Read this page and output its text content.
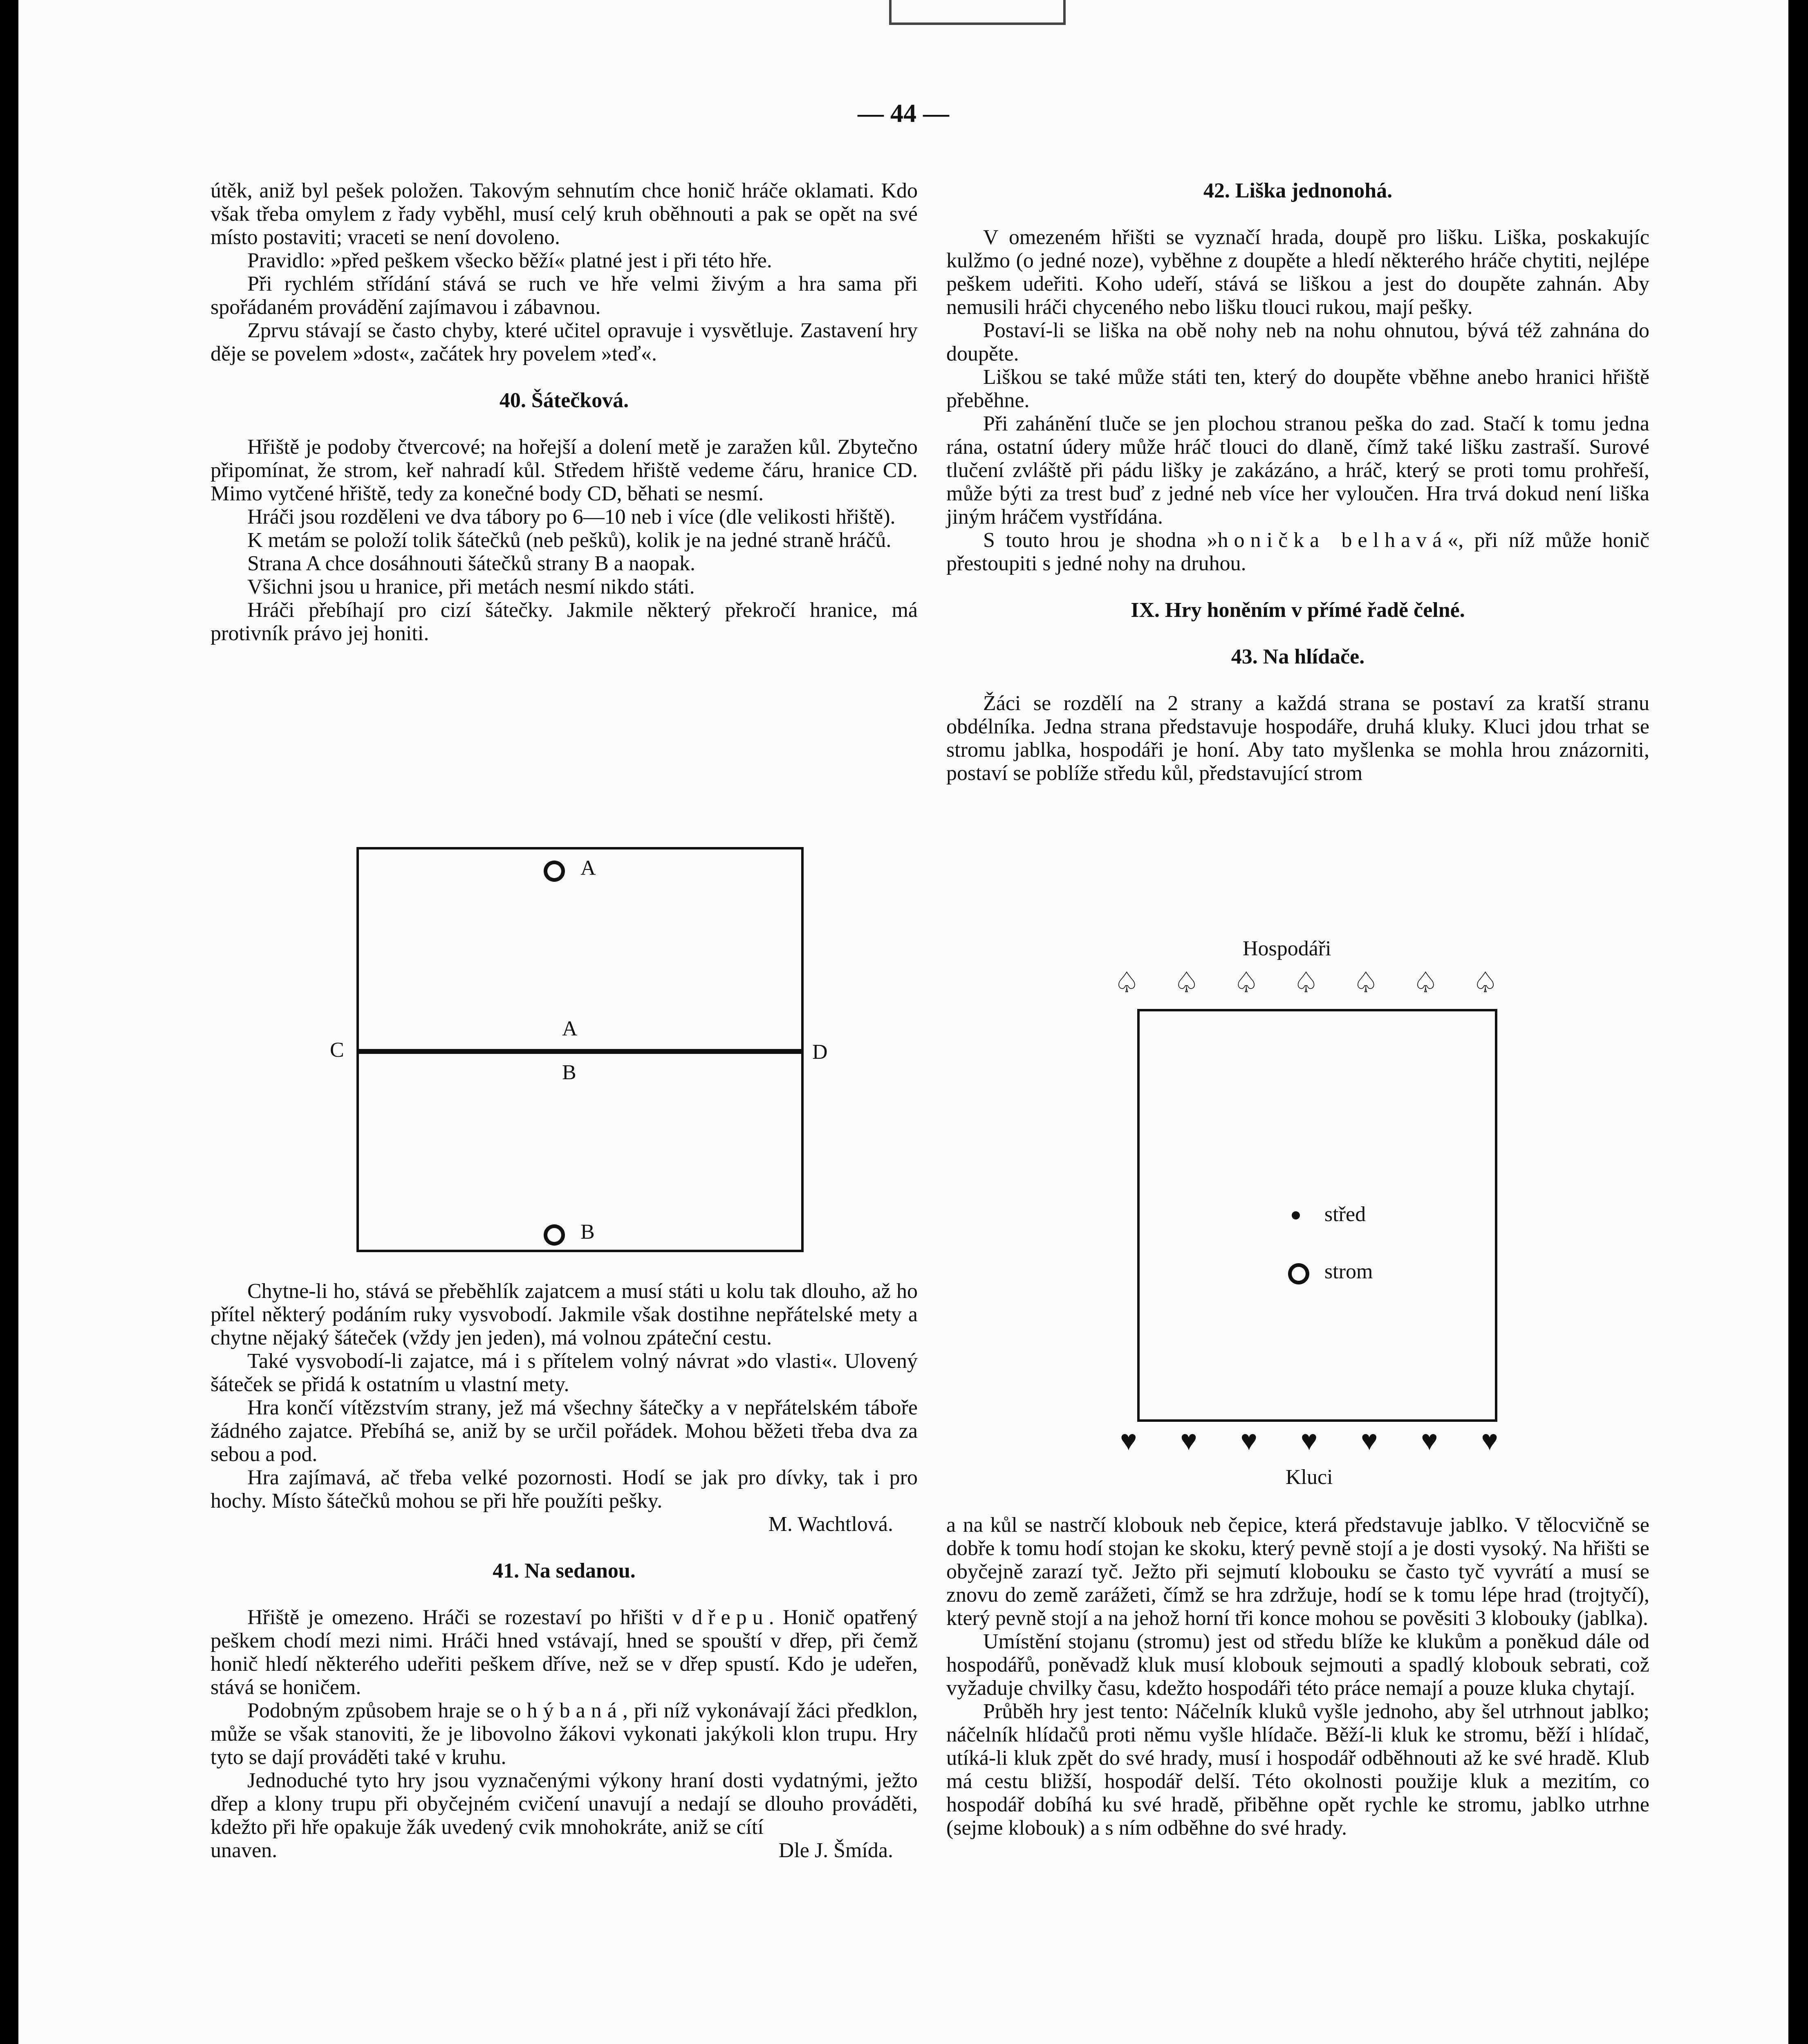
— 44 —

útěk, aniž byl pešek položen. Takovým sehnutím chce honič hráče oklamati. Kdo však třeba omylem z řady vyběhl, musí celý kruh oběhnouti a pak se opět na své místo postaviti; vraceti se není dovoleno.

Pravidlo: »před peškem všecko běží« platné jest i při této hře.

Při rychlém střídání stává se ruch ve hře velmi živým a hra sama při spořádaném provádění zajímavou i zábavnou.

Zprvu stávají se často chyby, které učitel opravuje i vysvětluje. Zastavení hry děje se povelem »dost«, začátek hry povelem »teď«.

40. Šátečková.

Hřiště je podoby čtvercové; na hořejší a dolení metě je zaražen kůl. Zbytečno připomínat, že strom, keř nahradí kůl. Středem hřiště vedeme čáru, hranice CD. Mimo vytčené hřiště, tedy za konečné body CD, běhati se nesmí.

Hráči jsou rozděleni ve dva tábory po 6—10 neb i více (dle velikosti hřiště).

K metám se položí tolik šátečků (neb pešků), kolik je na jedné straně hráčů.

Strana A chce dosáhnouti šátečků strany B a naopak.

Všichni jsou u hranice, při metách nesmí nikdo státi.

Hráči přebíhají pro cizí šátečky. Jakmile některý překročí hranice, má protivník právo jej honiti.

A
A
B
C	D
B

Chytne-li ho, stává se přeběhlík zajatcem a musí státi u kolu tak dlouho, až ho přítel některý podáním ruky vysvobodí. Jakmile však dostihne nepřátelské mety a chytne nějaký šáteček (vždy jen jeden), má volnou zpáteční cestu.

Také vysvobodí-li zajatce, má i s přítelem volný návrat »do vlasti«. Ulovený šáteček se přidá k ostatním u vlastní mety.

Hra končí vítězstvím strany, jež má všechny šátečky a v nepřátelském táboře žádného zajatce. Přebíhá se, aniž by se určil pořádek. Mohou běžeti třeba dva za sebou a pod.

Hra zajímavá, ač třeba velké pozornosti. Hodí se jak pro dívky, tak i pro hochy. Místo šátečků mohou se při hře použíti pešky.

M. Wachtlová.
41. Na sedanou.

Hřiště je omezeno. Hráči se rozestaví po hřišti v dřepu. Honič opatřený peškem chodí mezi nimi. Hráči hned vstávají, hned se spouští v dřep, při čemž honič hledí některého udeřiti peškem dříve, než se v dřep spustí. Kdo je udeřen, stává se honičem.

Podobným způsobem hraje se ohýbaná, při níž vykonávají žáci předklon, může se však stanoviti, že je libovolno žákovi vykonati jakýkoli klon trupu. Hry tyto se dají prováděti také v kruhu.

Jednoduché tyto hry jsou vyznačenými výkony hraní dosti vydatnými, ježto dřep a klony trupu při obyčejném cvičení unavují a nedají se dlouho prováděti, kdežto při hře opakuje žák uvedený cvik mnohokráte, aniž se cítí

unaven.	Dle J. Šmída.
42. Liška jednonohá.

V omezeném hřišti se vyznačí hrada, doupě pro lišku. Liška, poskakujíc kulžmo (o jedné noze), vyběhne z doupěte a hledí některého hráče chytiti, nejlépe peškem udeřiti. Koho udeří, stává se liškou a jest do doupěte zahnán. Aby nemusili hráči chyceného nebo lišku tlouci rukou, mají pešky.

Postaví-li se liška na obě nohy neb na nohu ohnutou, bývá též zahnána do doupěte.

Liškou se také může státi ten, který do doupěte vběhne anebo hranici hřiště přeběhne.

Při zahánění tluče se jen plochou stranou peška do zad. Stačí k tomu jedna rána, ostatní údery může hráč tlouci do dlaně, čímž také lišku zastraší. Surové tlučení zvláště při pádu lišky je zakázáno, a hráč, který se proti tomu prohřeší, může býti za trest buď z jedné neb více her vyloučen. Hra trvá dokud není liška jiným hráčem vystřídána.

S touto hrou je shodna »honička belhavá«, při níž může honič přestoupiti s jedné nohy na druhou.

IX. Hry honěním v přímé řadě čelné.
43. Na hlídače.

Žáci se rozdělí na 2 strany a každá strana se postaví za kratší stranu obdélníka. Jedna strana představuje hospodáře, druhá kluky. Kluci jdou trhat se stromu jablka, hospodáři je honí. Aby tato myšlenka se mohla hrou znázorniti, postaví se poblíže středu kůl, představující strom

Hospodáři
♤ ♤ ♤ ♤ ♤ ♤ ♤
střed
strom
♥ ♥ ♥ ♥ ♥ ♥ ♥
Kluci

a na kůl se nastrčí klobouk neb čepice, která představuje jablko. V tělocvičně se dobře k tomu hodí stojan ke skoku, který pevně stojí a je dosti vysoký. Na hřišti se obyčejně zarazí tyč. Ježto při sejmutí klobouku se často tyč vyvrátí a musí se znovu do země zarážeti, čímž se hra zdržuje, hodí se k tomu lépe hrad (trojtyčí), který pevně stojí a na jehož horní tři konce mohou se pověsiti 3 klobouky (jablka).

Umístění stojanu (stromu) jest od středu blíže ke klukům a poněkud dále od hospodářů, poněvadž kluk musí klobouk sejmouti a spadlý klobouk sebrati, což vyžaduje chvilky času, kdežto hospodáři této práce nemají a pouze kluka chytají.

Průběh hry jest tento: Náčelník kluků vyšle jednoho, aby šel utrhnout jablko; náčelník hlídačů proti němu vyšle hlídače. Běží-li kluk ke stromu, běží i hlídač, utíká-li kluk zpět do své hrady, musí i hospodář odběhnouti až ke své hradě. Klub má cestu bližší, hospodář delší. Této okolnosti použije kluk a mezitím, co hospodář dobíhá ku své hradě, přiběhne opět rychle ke stromu, jablko utrhne (sejme klobouk) a s ním odběhne do své hrady.
